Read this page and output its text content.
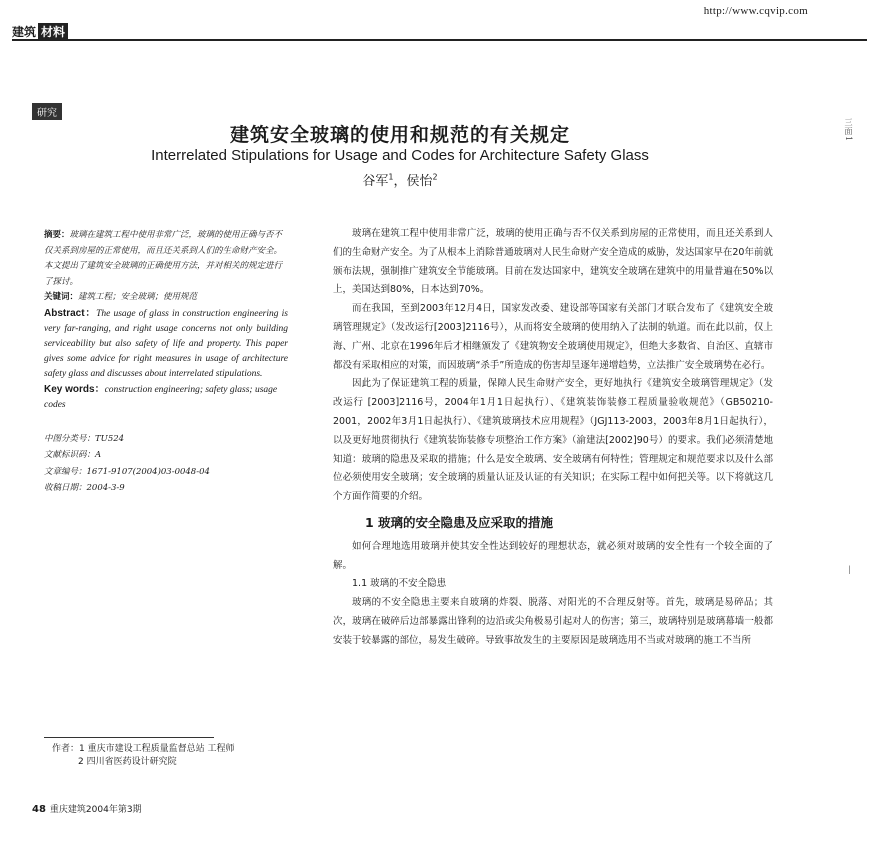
http://www.cqvip.com
建筑 材料
研究
建筑安全玻璃的使用和规范的有关规定
Interrelated Stipulations for Usage and Codes for Architecture Safety Glass
谷军$^1$，侯怡$^2$
三面1
|

摘要：玻璃在建筑工程中使用非常广泛，玻璃的使用正确与否不仅关系到房屋的正常使用，而且还关系到人们的生命财产安全。本文提出了建筑安全玻璃的正确使用方法，并对相关的规定进行了探讨。

关键词：建筑工程；安全玻璃；使用规范

Abstract：The usage of glass in construction engineering is very far-ranging, and right usage concerns not only building serviceability but also safety of life and property. This paper gives some advice for right measures in usage of architecture safety glass and discusses about interrelated stipulations.

Key words：construction engineering; safety glass; usage codes

中图分类号：TU524

文献标识码：A

文章编号：1671-9107(2004)03-0048-04

收稿日期：2004-3-9

玻璃在建筑工程中使用非常广泛，玻璃的使用正确与否不仅关系到房屋的正常使用，而且还关系到人们的生命财产安全。为了从根本上消除普通玻璃对人民生命财产安全造成的威胁，发达国家早在20年前就颁布法规，强制推广建筑安全节能玻璃。目前在发达国家中，建筑安全玻璃在建筑中的用量普遍在50%以上，美国达到80%，日本达到70%。

而在我国，至到2003年12月4日，国家发改委、建设部等国家有关部门才联合发布了《建筑安全玻璃管理规定》（发改运行[2003]2116号），从而将安全玻璃的使用纳入了法制的轨道。而在此以前，仅上海、广州、北京在1996年后才相继颁发了《建筑物安全玻璃使用规定》，但绝大多数省、自治区、直辖市都没有采取相应的对策，而因玻璃“杀手”所造成的伤害却呈逐年递增趋势，立法推广安全玻璃势在必行。

因此为了保证建筑工程的质量，保障人民生命财产安全，更好地执行《建筑安全玻璃管理规定》（发改运行 [2003]2116号，2004年1月1日起执行）、《建筑装饰装修工程质量验收规范》（GB50210-2001，2002年3月1日起执行）、《建筑玻璃技术应用规程》（JGJ113-2003，2003年8月1日起执行），以及更好地贯彻执行《建筑装饰装修专项整治工作方案》（渝建法[2002]90号）的要求。我们必须清楚地知道：玻璃的隐患及采取的措施；什么是安全玻璃、安全玻璃有何特性；管理规定和规范要求以及什么部位必须使用安全玻璃；安全玻璃的质量认证及认证的有关知识；在实际工程中如何把关等。以下将就这几个方面作简要的介绍。

1 玻璃的安全隐患及应采取的措施

如何合理地选用玻璃并使其安全性达到较好的理想状态，就必须对玻璃的安全性有一个较全面的了解。

1.1 玻璃的不安全隐患

玻璃的不安全隐患主要来自玻璃的炸裂、脱落、对阳光的不合理反射等。首先，玻璃是易碎品；其次，玻璃在破碎后边部暴露出锋利的边沿或尖角极易引起对人的伤害；第三，玻璃特别是玻璃幕墙一般都安装于较暴露的部位，易发生破碎。导致事故发生的主要原因是玻璃选用不当或对玻璃的施工不当所

作者：1 重庆市建设工程质量监督总站 工程师

2 四川省医药设计研究院

48 重庆建筑2004年第3期
